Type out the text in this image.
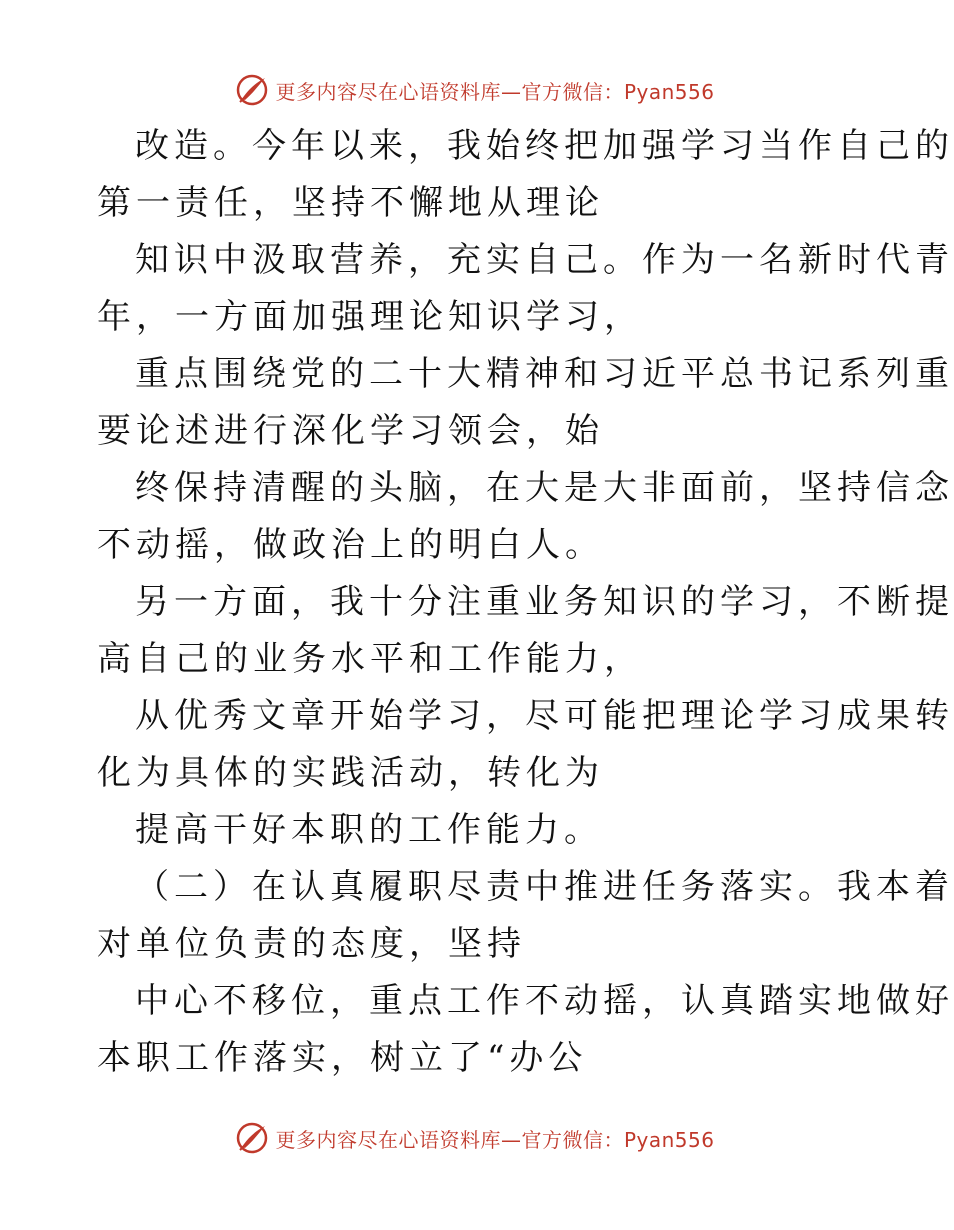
更多内容尽在心语资料库—官方微信：Pyan556
改造。今年以来，我始终把加强学习当作自己的
第一责任，坚持不懈地从理论
知识中汲取营养，充实自己。作为一名新时代青
年，一方面加强理论知识学习，
重点围绕党的二十大精神和习近平总书记系列重
要论述进行深化学习领会，始
终保持清醒的头脑，在大是大非面前，坚持信念
不动摇，做政治上的明白人。
另一方面，我十分注重业务知识的学习，不断提
高自己的业务水平和工作能力，
从优秀文章开始学习，尽可能把理论学习成果转
化为具体的实践活动，转化为
提高干好本职的工作能力。
（二）在认真履职尽责中推进任务落实。我本着
对单位负责的态度，坚持
中心不移位，重点工作不动摇，认真踏实地做好
本职工作落实，树立了“办公
更多内容尽在心语资料库—官方微信：Pyan556
